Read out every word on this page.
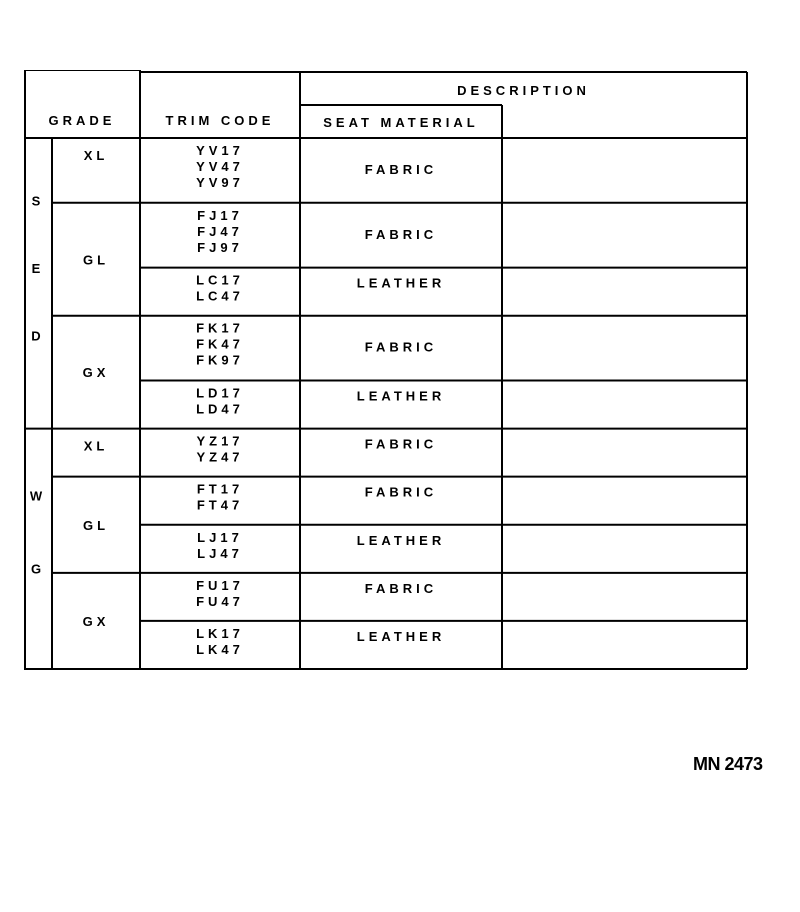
GRADE	TRIM CODE
DESCRIPTION
SEAT MATERIAL
YV17
YV47
YV97
FABRIC
XL
FJ17
FJ47
FJ97
FABRIC
LC17
LC47
LEATHER
GL
FK17
FK47
FK97
FABRIC
LD17
LD47
LEATHER
GX
S
E
D
YZ17
YZ47
FABRIC
XL
FT17
FT47
FABRIC
LJ17
LJ47
LEATHER
GL
FU17
FU47
FABRIC
LK17
LK47
LEATHER
GX
W
G
MN 2473
